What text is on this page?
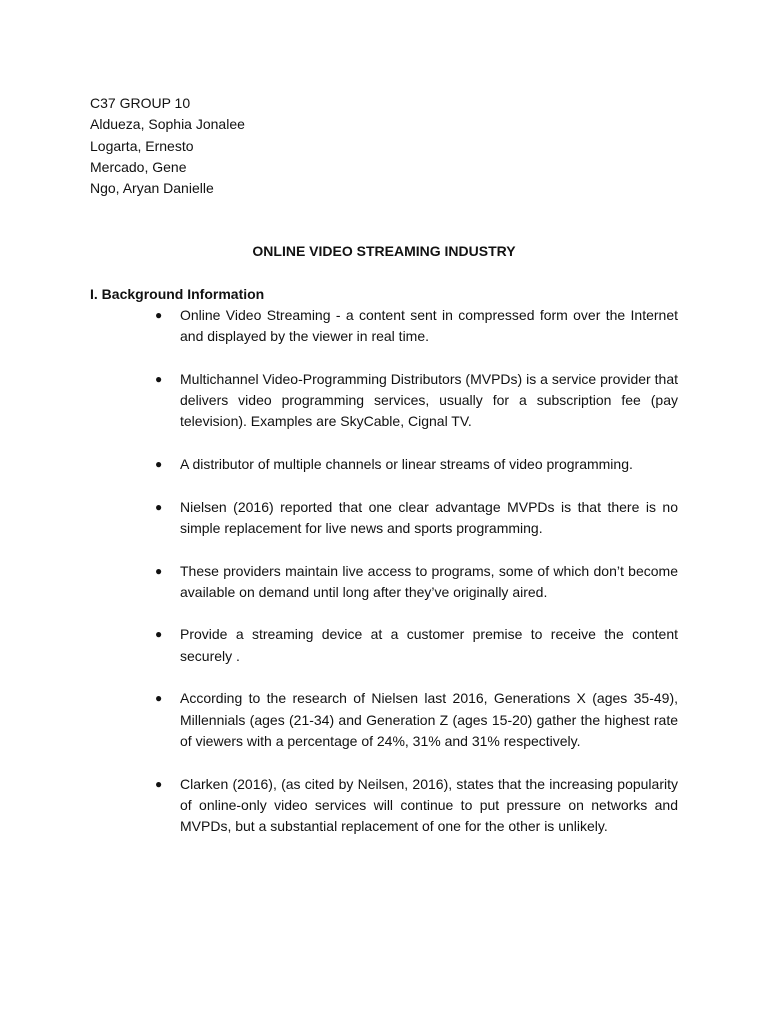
C37 GROUP 10
Aldueza, Sophia Jonalee
Logarta, Ernesto
Mercado, Gene
Ngo, Aryan Danielle
ONLINE VIDEO STREAMING INDUSTRY
I. Background Information
●	Online Video Streaming - a content sent in compressed form over the Internet and displayed by the viewer in real time.
●	Multichannel Video-Programming Distributors (MVPDs) is a service provider that delivers video programming services, usually for a subscription fee (pay television). Examples are SkyCable, Cignal TV.
●	A distributor of multiple channels or linear streams of video programming.
●	Nielsen (2016) reported that one clear advantage MVPDs is that there is no simple replacement for live news and sports programming.
●	These providers maintain live access to programs, some of which don’t become available on demand until long after they’ve originally aired.
●	Provide a streaming device at a customer premise to receive the content securely .
●	According to the research of Nielsen last 2016, Generations X (ages 35-49), Millennials (ages (21-34) and Generation Z (ages 15-20) gather the highest rate of viewers with a percentage of 24%, 31% and 31% respectively.
●	Clarken (2016), (as cited by Neilsen, 2016), states that the increasing popularity of online-only video services will continue to put pressure on networks and MVPDs, but a substantial replacement of one for the other is unlikely.
